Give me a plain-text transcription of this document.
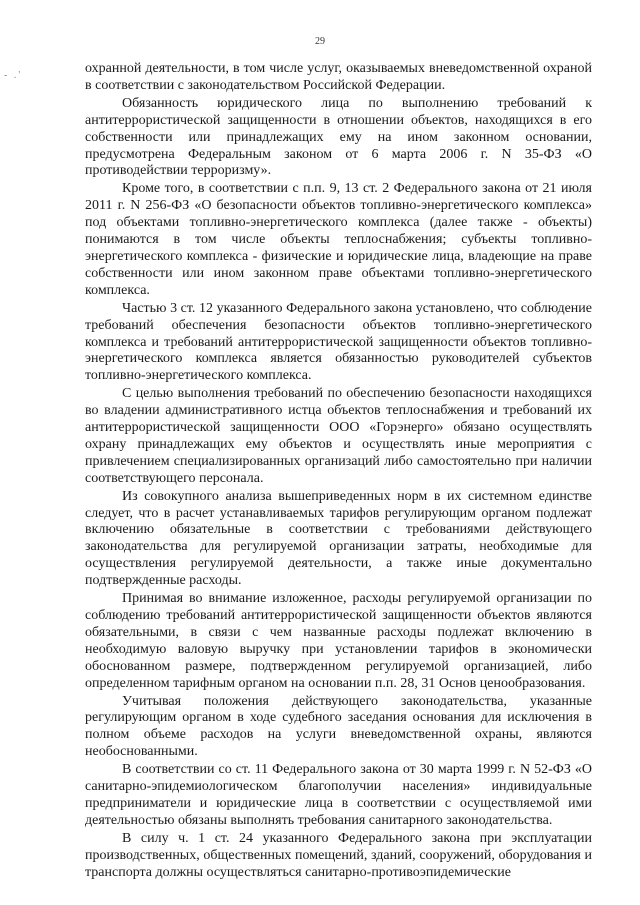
29
- .'	охранной деятельности, в том числе услуг, оказываемых вневедомственной охраной в соответствии с законодательством Российской Федерации.

Обязанность юридического лица по выполнению требований к антитеррористической защищенности в отношении объектов, находящихся в его собственности или принадлежащих ему на ином законном основании, предусмотрена Федеральным законом от 6 марта 2006 г. N 35-ФЗ «О противодействии терроризму».

Кроме того, в соответствии с п.п. 9, 13 ст. 2 Федерального закона от 21 июля 2011 г. N 256-ФЗ «О безопасности объектов топливно-энергетического комплекса» под объектами топливно-энергетического комплекса (далее также - объекты) понимаются в том числе объекты теплоснабжения; субъекты топливно-энергетического комплекса - физические и юридические лица, владеющие на праве собственности или ином законном праве объектами топливно-энергетического комплекса.

Частью 3 ст. 12 указанного Федерального закона установлено, что соблюдение требований обеспечения безопасности объектов топливно-энергетического комплекса и требований антитеррористической защищенности объектов топливно-энергетического комплекса является обязанностью руководителей субъектов топливно-энергетического комплекса.

С целью выполнения требований по обеспечению безопасности находящихся во владении административного истца объектов теплоснабжения и требований их антитеррористической защищенности ООО «Горэнерго» обязано осуществлять охрану принадлежащих ему объектов и осуществлять иные мероприятия с привлечением специализированных организаций либо самостоятельно при наличии соответствующего персонала.

Из совокупного анализа вышеприведенных норм в их системном единстве следует, что в расчет устанавливаемых тарифов регулирующим органом подлежат включению обязательные в соответствии с требованиями действующего законодательства для регулируемой организации затраты, необходимые для осуществления регулируемой деятельности, а также иные документально подтвержденные расходы.

Принимая во внимание изложенное, расходы регулируемой организации по соблюдению требований антитеррористической защищенности объектов являются обязательными, в связи с чем названные расходы подлежат включению в необходимую валовую выручку при установлении тарифов в экономически обоснованном размере, подтвержденном регулируемой организацией, либо определенном тарифным органом на основании п.п. 28, 31 Основ ценообразования.

Учитывая положения действующего законодательства, указанные регулирующим органом в ходе судебного заседания основания для исключения в полном объеме расходов на услуги вневедомственной охраны, являются необоснованными.

В соответствии со ст. 11 Федерального закона от 30 марта 1999 г. N 52-ФЗ «О санитарно-эпидемиологическом благополучии населения» индивидуальные предприниматели и юридические лица в соответствии с осуществляемой ими деятельностью обязаны выполнять требования санитарного законодательства.

В силу ч. 1 ст. 24 указанного Федерального закона при эксплуатации производственных, общественных помещений, зданий, сооружений, оборудования и транспорта должны осуществляться санитарно-противоэпидемические
